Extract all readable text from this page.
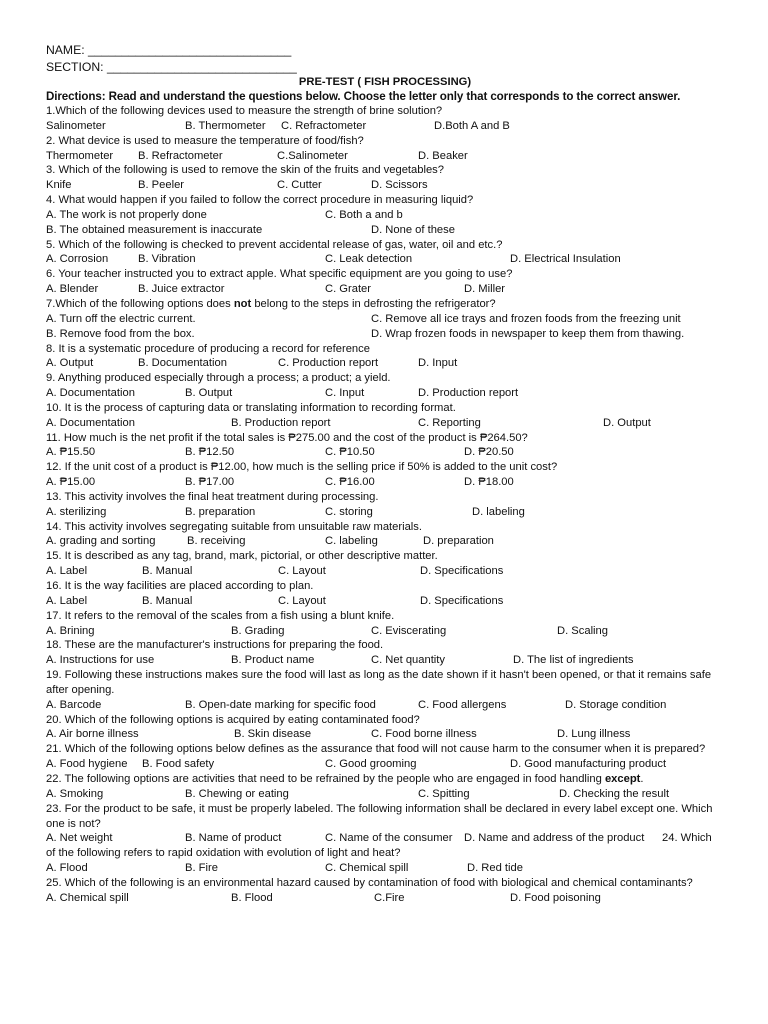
NAME: ______________________________
SECTION: ____________________________
PRE-TEST ( FISH PROCESSING)
Directions: Read and understand the questions below. Choose the letter only that corresponds to the correct answer.
1.Which of the following devices used to measure the strength of brine solution?
Salinometer	B. Thermometer C. Refractometer	D.Both A and B
2. What device is used to measure the temperature of food/fish?
Thermometer B. Refractometer	C.Salinometer	D. Beaker
3. Which of the following is used to remove the skin of the fruits and vegetables?
Knife	B. Peeler	C. Cutter	D. Scissors
4. What would happen if you failed to follow the correct procedure in measuring liquid?
A. The work is not properly done	C. Both a and b
B. The obtained measurement is inaccurate	D. None of these
5. Which of the following is checked to prevent accidental release of gas, water, oil and etc.?
A. Corrosion	B. Vibration	C. Leak detection	D. Electrical Insulation
6. Your teacher instructed you to extract apple. What specific equipment are you going to use?
A. Blender	B. Juice extractor	C. Grater	D. Miller
7.Which of the following options does not belong to the steps in defrosting the refrigerator?
A. Turn off the electric current.	C. Remove all ice trays and frozen foods from the freezing unit
B. Remove food from the box.	D. Wrap frozen foods in newspaper to keep them from thawing.
8. It is a systematic procedure of producing a record for reference
A. Output	B. Documentation	C. Production report	D. Input
9. Anything produced especially through a process; a product; a yield.
A. Documentation	B. Output	C. Input	D. Production report
10. It is the process of capturing data or translating information to recording format.
A. Documentation	B. Production report	C. Reporting	D. Output
11. How much is the net profit if the total sales is ₱275.00 and the cost of the product is ₱264.50?
A. ₱15.50	B. ₱12.50	C. ₱10.50	D. ₱20.50
12. If the unit cost of a product is ₱12.00, how much is the selling price if 50% is added to the unit cost?
A. ₱15.00	B. ₱17.00	C. ₱16.00	D. ₱18.00
13. This activity involves the final heat treatment during processing.
A. sterilizing	B. preparation	C. storing	D. labeling
14. This activity involves segregating suitable from unsuitable raw materials.
A. grading and sorting	B. receiving	C. labeling	D. preparation
15. It is described as any tag, brand, mark, pictorial, or other descriptive matter.
A. Label	B. Manual	C. Layout	D. Specifications
16. It is the way facilities are placed according to plan.
A. Label	B. Manual	C. Layout	D. Specifications
17. It refers to the removal of the scales from a fish using a blunt knife.
A. Brining	B. Grading	C. Eviscerating	D. Scaling
18. These are the manufacturer's instructions for preparing the food.
A. Instructions for use	B. Product name	C. Net quantity	D. The list of ingredients
19. Following these instructions makes sure the food will last as long as the date shown if it hasn't been opened, or that it remains safe after opening.
A. Barcode	B. Open-date marking for specific food	C. Food allergens	D. Storage condition
20. Which of the following options is acquired by eating contaminated food?
A. Air borne illness	B. Skin disease	C. Food borne illness	D. Lung illness
21. Which of the following options below defines as the assurance that food will not cause harm to the consumer when it is prepared?
A. Food hygiene B. Food safety	C. Good grooming	D. Good manufacturing product
22. The following options are activities that need to be refrained by the people who are engaged in food handling except.
A. Smoking	B. Chewing or eating	C. Spitting	D. Checking the result
23. For the product to be safe, it must be properly labeled. The following information shall be declared in every label except one. Which one is not?
A. Net weight	B. Name of product	C. Name of the consumer D. Name and address of the product 24. Which
of the following refers to rapid oxidation with evolution of light and heat?
A. Flood	B. Fire	C. Chemical spill	D. Red tide
25. Which of the following is an environmental hazard caused by contamination of food with biological and chemical contaminants?
A. Chemical spill	B. Flood	C.Fire	D. Food poisoning
